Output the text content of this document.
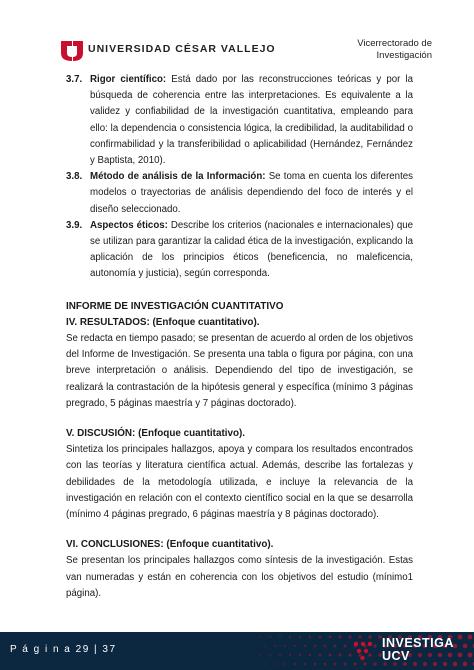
UNIVERSIDAD CÉSAR VALLEJO	Vicerrectorado de
Investigación
3.7. Rigor científico: Está dado por las reconstrucciones teóricas y por la búsqueda de coherencia entre las interpretaciones. Es equivalente a la validez y confiabilidad de la investigación cuantitativa, empleando para ello: la dependencia o consistencia lógica, la credibilidad, la auditabilidad o confirmabilidad y la transferibilidad o aplicabilidad (Hernández, Fernández y Baptista, 2010).

3.8. Método de análisis de la Información: Se toma en cuenta los diferentes modelos o trayectorias de análisis dependiendo del foco de interés y el diseño seleccionado.

3.9. Aspectos éticos: Describe los criterios (nacionales e internacionales) que se utilizan para garantizar la calidad ética de la investigación, explicando la aplicación de los principios éticos (beneficencia, no maleficencia, autonomía y justicia), según corresponda.

INFORME DE INVESTIGACIÓN CUANTITATIVO
IV. RESULTADOS: (Enfoque cuantitativo).

Se redacta en tiempo pasado; se presentan de acuerdo al orden de los objetivos del Informe de Investigación. Se presenta una tabla o figura por página, con una breve interpretación o análisis. Dependiendo del tipo de investigación, se realizará la contrastación de la hipótesis general y específica (mínimo 3 páginas pregrado, 5 páginas maestría y 7 páginas doctorado).

V. DISCUSIÓN: (Enfoque cuantitativo).

Sintetiza los principales hallazgos, apoya y compara los resultados encontrados con las teorías y literatura científica actual. Además, describe las fortalezas y debilidades de la metodología utilizada, e incluye la relevancia de la investigación en relación con el contexto científico social en la que se desarrolla (mínimo 4 páginas pregrado, 6 páginas maestría y 8 páginas doctorado).

VI. CONCLUSIONES: (Enfoque cuantitativo).

Se presentan los principales hallazgos como síntesis de la investigación. Estas van numeradas y están en coherencia con los objetivos del estudio (mínimo1 página).

P á g i n a 29 | 37	INVESTIGA
UCV
